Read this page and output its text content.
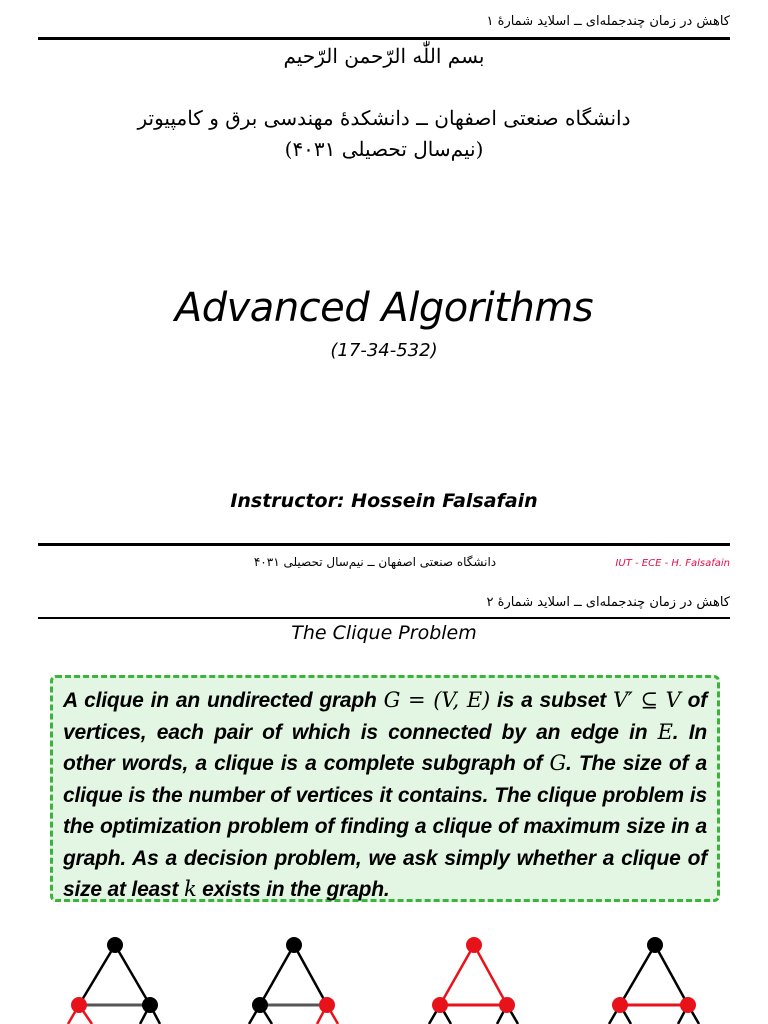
کاهش در زمان چندجمله‌ای ــ اسلاید شمارهٔ ۱
بسم اللّٰه الرّحمن الرّحیم
دانشگاه صنعتی اصفهان ــ دانشکدهٔ مهندسی برق و کامپیوتر
(نیم‌سال تحصیلی ۴۰۳۱)
Advanced Algorithms
(17-34-532)
Instructor: Hossein Falsafain
دانشگاه صنعتی اصفهان ــ نیم‌سال تحصیلی ۴۰۳۱	IUT - ECE - H. Falsafain
کاهش در زمان چندجمله‌ای ــ اسلاید شمارهٔ ۲
The Clique Problem

A clique in an undirected graph G = (V, E) is a subset V′ ⊆ V of vertices, each pair of which is connected by an edge in E. In other words, a clique is a complete subgraph of G. The size of a clique is the number of vertices it contains. The clique problem is the optimization problem of finding a clique of maximum size in a graph. As a decision problem, we ask simply whether a clique of size at least k exists in the graph.
